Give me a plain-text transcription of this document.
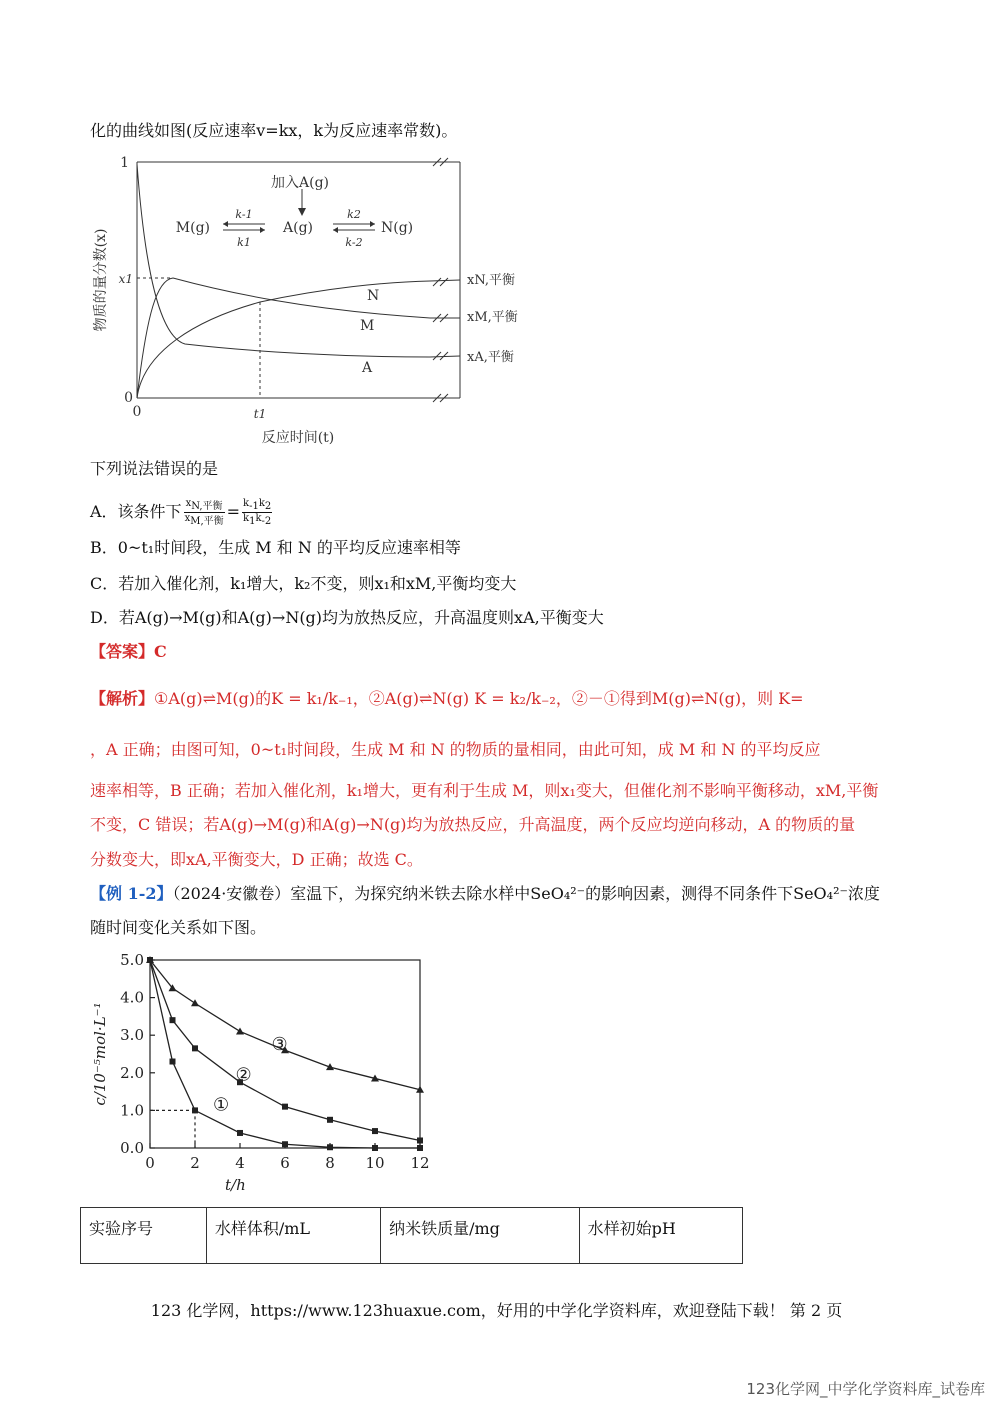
化的曲线如图(反应速率v=kx，k为反应速率常数)。
加入A(g)
M(g)	A(g)	N(g)
k-1
k1
k2
k-2
1
0
x1
0	t1
反应时间(t)
物质的量分数(x)	N
M
A
xN,平衡
xM,平衡
xA,平衡
下列说法错误的是
A．该条件下 $\frac{x_{N,平衡}}{x_{M,平衡}} = \frac{k_{-1}k_2}{k_1k_{-2}}$
B．0~t₁时间段，生成 M 和 N 的平均反应速率相等
C．若加入催化剂，k₁增大，k₂不变，则x₁和xM,平衡均变大
D．若A(g)→M(g)和A(g)→N(g)均为放热反应，升高温度则xA,平衡变大
【答案】C
【解析】①A(g)⇌M(g)的K = k₁/k₋₁，②A(g)⇌N(g) K = k₂/k₋₂，②－①得到M(g)⇌N(g)，则 K=
，A 正确；由图可知，0~t₁时间段，生成 M 和 N 的物质的量相同，由此可知，成 M 和 N 的平均反应
速率相等，B 正确；若加入催化剂，k₁增大，更有利于生成 M，则x₁变大，但催化剂不影响平衡移动，xM,平衡
不变，C 错误；若A(g)→M(g)和A(g)→N(g)均为放热反应，升高温度，两个反应均逆向移动，A 的物质的量
分数变大，即xA,平衡变大，D 正确；故选 C。
【例 1-2】（2024·安徽卷）室温下，为探究纳米铁去除水样中SeO₄²⁻的影响因素，测得不同条件下SeO₄²⁻浓度
随时间变化关系如下图。
0 2 4 6 8 10 12
0.0
1.0
2.0
3.0
4.0
5.0
t/h
c/10⁻⁵mol·L⁻¹	①
②
③
实验序号	水样体积/mL	纳米铁质量/mg	水样初始pH
123 化学网，https://www.123huaxue.com，好用的中学化学资料库，欢迎登陆下载！ 第 2 页
123化学网_中学化学资料库_试卷库
